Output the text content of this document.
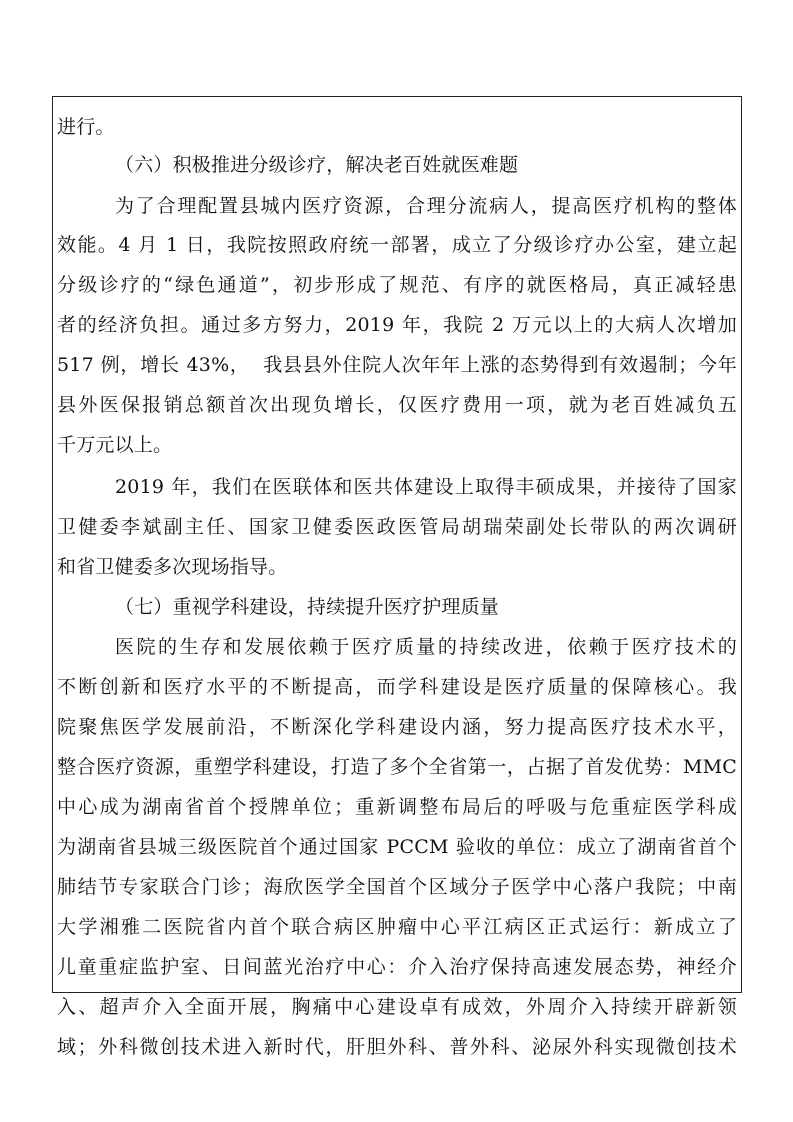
进行。
（六）积极推进分级诊疗，解决老百姓就医难题
为了合理配置县城内医疗资源，合理分流病人，提高医疗机构的整体
效能。4 月 1 日，我院按照政府统一部署，成立了分级诊疗办公室，建立起
分级诊疗的“绿色通道”，初步形成了规范、有序的就医格局，真正减轻患
者的经济负担。通过多方努力，2019 年，我院 2 万元以上的大病人次增加
517 例，增长 43%，  我县县外住院人次年年上涨的态势得到有效遏制；今年
县外医保报销总额首次出现负增长，仅医疗费用一项，就为老百姓减负五
千万元以上。
2019 年，我们在医联体和医共体建设上取得丰硕成果，并接待了国家
卫健委李斌副主任、国家卫健委医政医管局胡瑞荣副处长带队的两次调研
和省卫健委多次现场指导。
（七）重视学科建设，持续提升医疗护理质量
医院的生存和发展依赖于医疗质量的持续改进，依赖于医疗技术的
不断创新和医疗水平的不断提高，而学科建设是医疗质量的保障核心。我
院聚焦医学发展前沿，不断深化学科建设内涵，努力提高医疗技术水平，
整合医疗资源，重塑学科建设，打造了多个全省第一，占据了首发优势：MMC
中心成为湖南省首个授牌单位；重新调整布局后的呼吸与危重症医学科成
为湖南省县城三级医院首个通过国家 PCCM 验收的单位：成立了湖南省首个
肺结节专家联合门诊；海欣医学全国首个区域分子医学中心落户我院；中南
大学湘雅二医院省内首个联合病区肿瘤中心平江病区正式运行：新成立了
儿童重症监护室、日间蓝光治疗中心：介入治疗保持高速发展态势，神经介
入、超声介入全面开展，胸痛中心建设卓有成效，外周介入持续开辟新领
域；外科微创技术进入新时代，肝胆外科、普外科、泌尿外科实现微创技术
